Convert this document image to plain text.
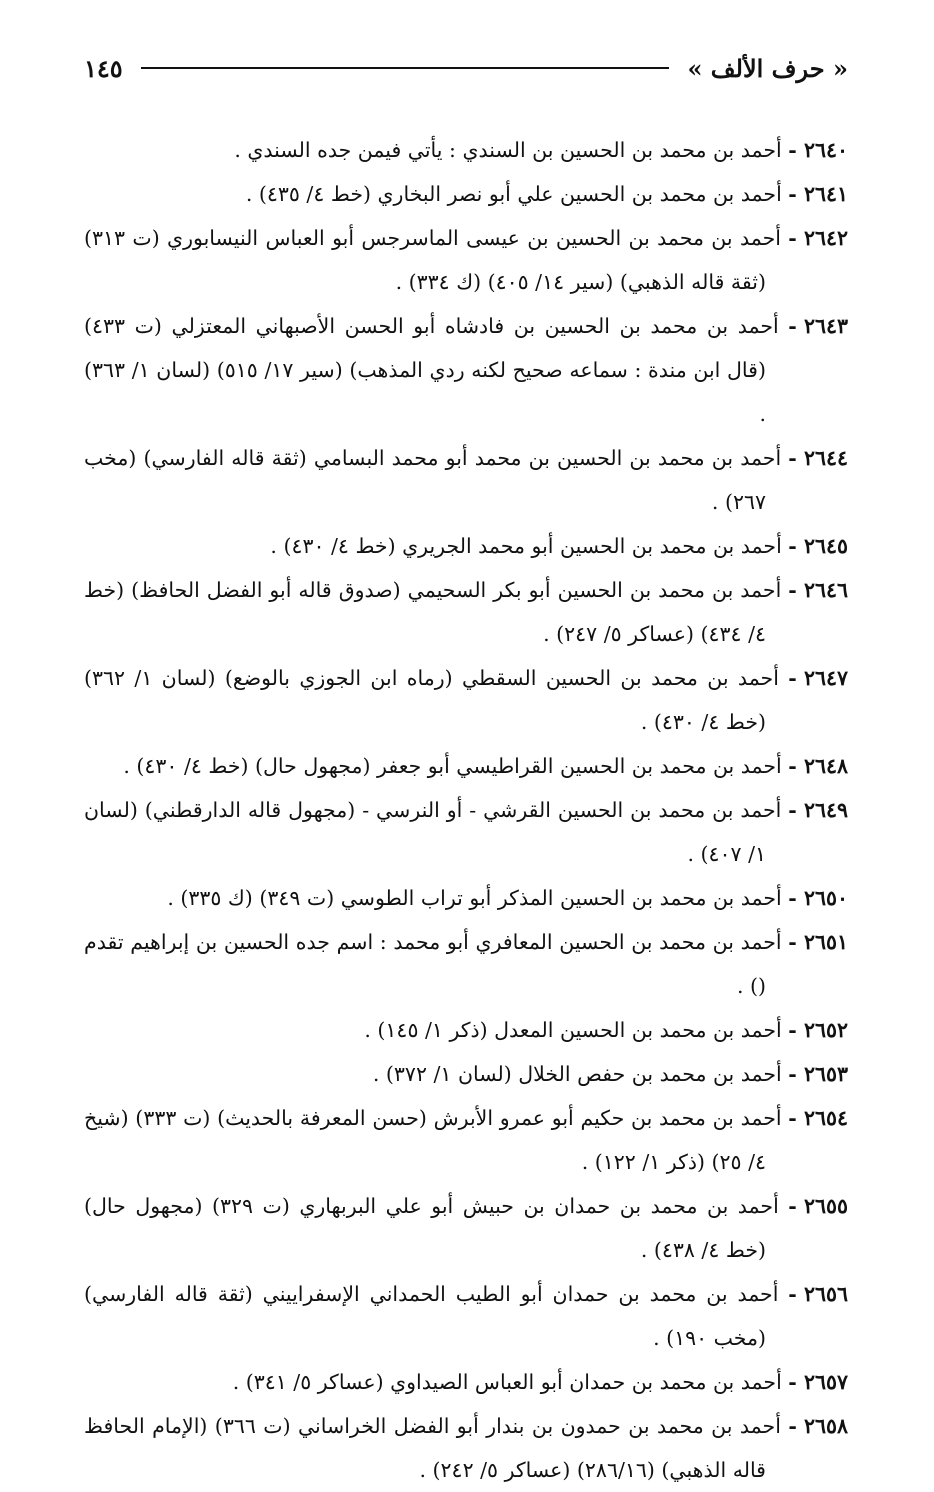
« حرف الألف »
١٤٥

٢٦٤٠ - أحمد بن محمد بن الحسين بن السندي : يأتي فيمن جده السندي .

٢٦٤١ - أحمد بن محمد بن الحسين علي أبو نصر البخاري (خط ٤/ ٤٣٥) .

٢٦٤٢ - أحمد بن محمد بن الحسين بن عيسى الماسرجس أبو العباس النيسابوري (ت ٣١٣) (ثقة قاله الذهبي) (سير ١٤/ ٤٠٥) (ك ٣٣٤) .

٢٦٤٣ - أحمد بن محمد بن الحسين بن فادشاه أبو الحسن الأصبهاني المعتزلي (ت ٤٣٣) (قال ابن مندة : سماعه صحيح لكنه ردي المذهب) (سير ١٧/ ٥١٥) (لسان ١/ ٣٦٣) .

٢٦٤٤ - أحمد بن محمد بن الحسين بن محمد أبو محمد البسامي (ثقة قاله الفارسي) (مخب ٢٦٧) .

٢٦٤٥ - أحمد بن محمد بن الحسين أبو محمد الجريري (خط ٤/ ٤٣٠) .

٢٦٤٦ - أحمد بن محمد بن الحسين أبو بكر السحيمي (صدوق قاله أبو الفضل الحافظ) (خط ٤/ ٤٣٤) (عساكر ٥/ ٢٤٧) .

٢٦٤٧ - أحمد بن محمد بن الحسين السقطي (رماه ابن الجوزي بالوضع) (لسان ١/ ٣٦٢) (خط ٤/ ٤٣٠) .

٢٦٤٨ - أحمد بن محمد بن الحسين القراطيسي أبو جعفر (مجهول حال) (خط ٤/ ٤٣٠) .

٢٦٤٩ - أحمد بن محمد بن الحسين القرشي - أو النرسي - (مجهول قاله الدارقطني) (لسان ١/ ٤٠٧) .

٢٦٥٠ - أحمد بن محمد بن الحسين المذكر أبو تراب الطوسي (ت ٣٤٩) (ك ٣٣٥) .

٢٦٥١ - أحمد بن محمد بن الحسين المعافري أبو محمد : اسم جده الحسين بن إبراهيم تقدم () .

٢٦٥٢ - أحمد بن محمد بن الحسين المعدل (ذكر ١/ ١٤٥) .

٢٦٥٣ - أحمد بن محمد بن حفص الخلال (لسان ١/ ٣٧٢) .

٢٦٥٤ - أحمد بن محمد بن حكيم أبو عمرو الأبرش (حسن المعرفة بالحديث) (ت ٣٣٣) (شيخ ٤/ ٢٥) (ذكر ١/ ١٢٢) .

٢٦٥٥ - أحمد بن محمد بن حمدان بن حبيش أبو علي البربهاري (ت ٣٢٩) (مجهول حال) (خط ٤/ ٤٣٨) .

٢٦٥٦ - أحمد بن محمد بن حمدان أبو الطيب الحمداني الإسفراييني (ثقة قاله الفارسي) (مخب ١٩٠) .

٢٦٥٧ - أحمد بن محمد بن حمدان أبو العباس الصيداوي (عساكر ٥/ ٣٤١) .

٢٦٥٨ - أحمد بن محمد بن حمدون بن بندار أبو الفضل الخراساني (ت ٣٦٦) (الإمام الحافظ قاله الذهبي) (٢٨٦/١٦) (عساكر ٥/ ٢٤٢) .
